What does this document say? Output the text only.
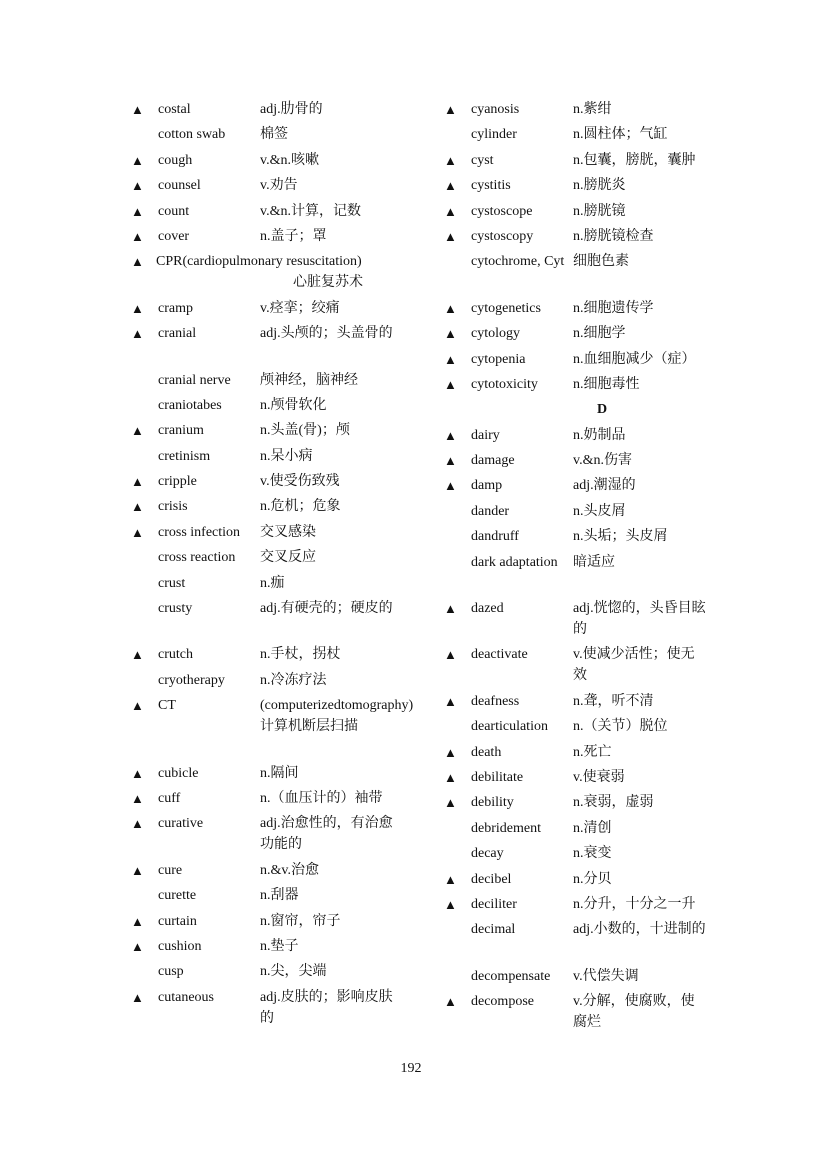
▲ costal	adj.肋骨的
cotton swab	棉签
▲ cough	v.&n.咳嗽
▲ counsel	v.劝告
▲ count	v.&n.计算，记数
▲ cover	n.盖子；罩
▲ CPR(cardiopulmonary resuscitation)
心脏复苏术
▲ cramp	v.痉挛；绞痛
▲ cranial	adj.头颅的；头盖骨的
cranial nerve	颅神经，脑神经
craniotabes	n.颅骨软化
▲ cranium	n.头盖(骨)；颅
cretinism	n.呆小病
▲ cripple	v.使受伤致残
▲ crisis	n.危机；危象
▲ cross infection	交叉感染
cross reaction	交叉反应
crust	n.痂
crusty	adj.有硬壳的；硬皮的
▲ crutch	n.手杖，拐杖
cryotherapy	n.冷冻疗法
▲ CT	(computerizedtomography)计算机断层扫描
▲ cubicle	n.隔间
▲ cuff	n.（血压计的）袖带
▲ curative	adj.治愈性的，有治愈功能的
▲ cure	n.&v.治愈
curette	n.刮器
▲ curtain	n.窗帘，帘子
▲ cushion	n.垫子
cusp	n.尖，尖端
▲ cutaneous	adj.皮肤的；影响皮肤的
▲ cyanosis	n.紫绀
cylinder	n.圆柱体；气缸
▲ cyst	n.包囊，膀胱，囊肿
▲ cystitis	n.膀胱炎
▲ cystoscope	n.膀胱镜
▲ cystoscopy	n.膀胱镜检查
cytochrome, Cyt 细胞色素
▲ cytogenetics	n.细胞遗传学
▲ cytology	n.细胞学
▲ cytopenia	n.血细胞减少（症）
▲ cytotoxicity	n.细胞毒性
D
▲ dairy	n.奶制品
▲ damage	v.&n.伤害
▲ damp	adj.潮湿的
dander	n.头皮屑
dandruff	n.头垢；头皮屑
dark adaptation	暗适应
▲ dazed	adj.恍惚的，头昏目眩的
▲ deactivate	v.使减少活性；使无效
▲ deafness	n.聋，听不清
dearticulation	n.（关节）脱位
▲ death	n.死亡
▲ debilitate	v.使衰弱
▲ debility	n.衰弱，虚弱
debridement	n.清创
decay	n.衰变
▲ decibel	n.分贝
▲ deciliter	n.分升，十分之一升
decimal	adj.小数的，十进制的
decompensate	v.代偿失调
▲ decompose	v.分解，使腐败，使腐烂
192
